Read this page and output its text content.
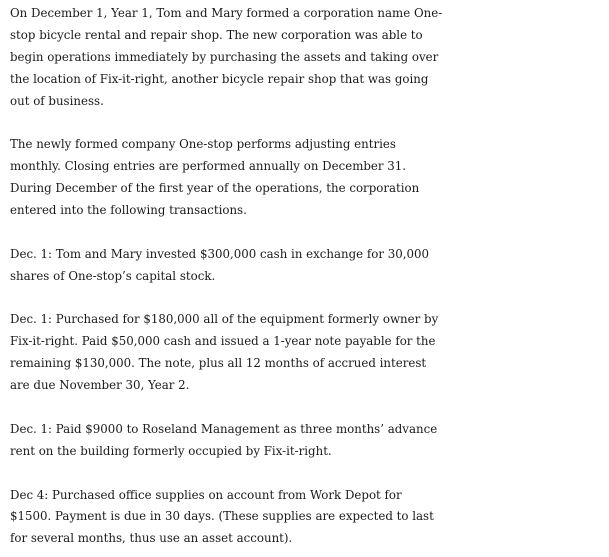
On December 1, Year 1, Tom and Mary formed a corporation name One-
stop bicycle rental and repair shop. The new corporation was able to
begin operations immediately by purchasing the assets and taking over
the location of Fix-it-right, another bicycle repair shop that was going
out of business.
The newly formed company One-stop performs adjusting entries
monthly. Closing entries are performed annually on December 31.
During December of the first year of the operations, the corporation
entered into the following transactions.
Dec. 1: Tom and Mary invested $300,000 cash in exchange for 30,000
shares of One-stop’s capital stock.
Dec. 1: Purchased for $180,000 all of the equipment formerly owner by
Fix-it-right. Paid $50,000 cash and issued a 1-year note payable for the
remaining $130,000. The note, plus all 12 months of accrued interest
are due November 30, Year 2.
Dec. 1: Paid $9000 to Roseland Management as three months’ advance
rent on the building formerly occupied by Fix-it-right.
Dec 4: Purchased office supplies on account from Work Depot for
$1500. Payment is due in 30 days. (These supplies are expected to last
for several months, thus use an asset account).
